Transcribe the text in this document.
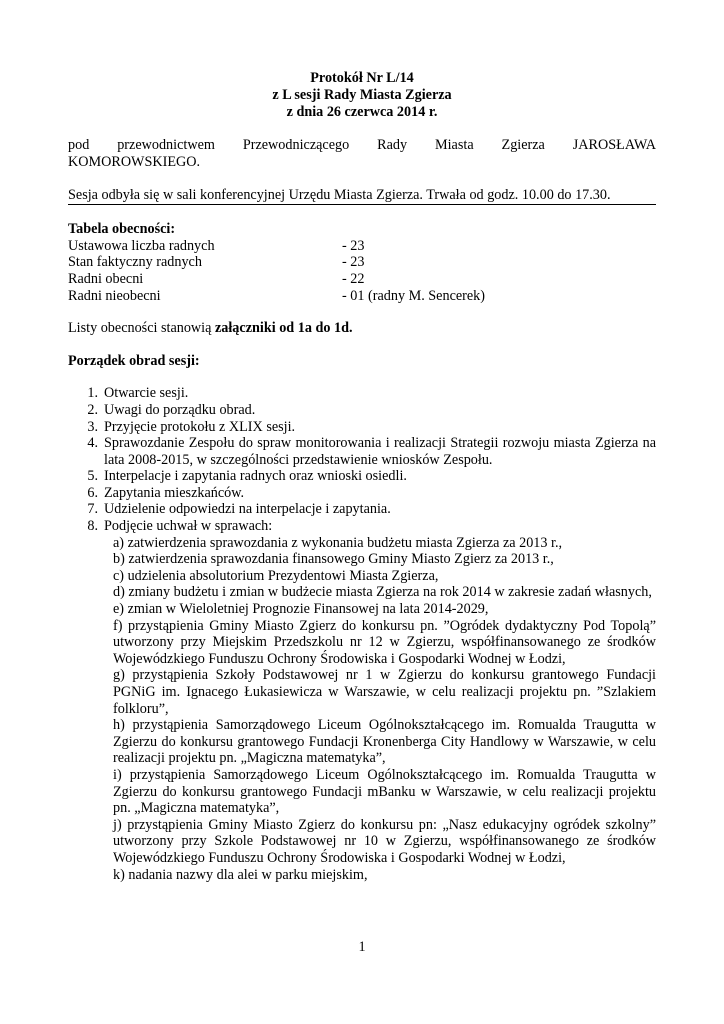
Protokół Nr L/14
z L sesji Rady Miasta Zgierza
z dnia 26 czerwca 2014 r.
pod przewodnictwem Przewodniczącego Rady Miasta Zgierza JAROSŁAWA
KOMOROWSKIEGO.
Sesja odbyła się w sali konferencyjnej Urzędu Miasta Zgierza. Trwała od godz. 10.00 do 17.30.
Tabela obecności:
Ustawowa liczba radnych	- 23
Stan faktyczny radnych	- 23
Radni obecni	- 22
Radni nieobecni	- 01 (radny M. Sencerek)
Listy obecności stanowią załączniki od 1a do 1d.
Porządek obrad sesji:
1. Otwarcie sesji.
2. Uwagi do porządku obrad.
3. Przyjęcie protokołu z XLIX sesji.
4. Sprawozdanie Zespołu do spraw monitorowania i realizacji Strategii rozwoju miasta Zgierza na lata 2008-2015, w szczególności przedstawienie wniosków Zespołu.
5. Interpelacje i zapytania radnych oraz wnioski osiedli.
6. Zapytania mieszkańców.
7. Udzielenie odpowiedzi na interpelacje i zapytania.
8. Podjęcie uchwał w sprawach:
a) zatwierdzenia sprawozdania z wykonania budżetu miasta Zgierza za 2013 r.,
b) zatwierdzenia sprawozdania finansowego Gminy Miasto Zgierz za 2013 r.,
c) udzielenia absolutorium Prezydentowi Miasta Zgierza,
d) zmiany budżetu i zmian w budżecie miasta Zgierza na rok 2014 w zakresie zadań własnych,
e) zmian w Wieloletniej Prognozie Finansowej na lata 2014-2029,
f) przystąpienia Gminy Miasto Zgierz do konkursu pn. ”Ogródek dydaktyczny Pod Topolą” utworzony przy Miejskim Przedszkolu nr 12 w Zgierzu, współfinansowanego ze środków Wojewódzkiego Funduszu Ochrony Środowiska i Gospodarki Wodnej w Łodzi,
g) przystąpienia Szkoły Podstawowej nr 1 w Zgierzu do konkursu grantowego Fundacji PGNiG im. Ignacego Łukasiewicza w Warszawie, w celu realizacji projektu pn. ”Szlakiem folkloru”,
h) przystąpienia Samorządowego Liceum Ogólnokształcącego im. Romualda Traugutta w Zgierzu do konkursu grantowego Fundacji Kronenberga City Handlowy w Warszawie, w celu realizacji projektu pn. „Magiczna matematyka”,
i) przystąpienia Samorządowego Liceum Ogólnokształcącego im. Romualda Traugutta w Zgierzu do konkursu grantowego Fundacji mBanku w Warszawie, w celu realizacji projektu pn. „Magiczna matematyka”,
j) przystąpienia Gminy Miasto Zgierz do konkursu pn: „Nasz edukacyjny ogródek szkolny” utworzony przy Szkole Podstawowej nr 10 w Zgierzu, współfinansowanego ze środków Wojewódzkiego Funduszu Ochrony Środowiska i Gospodarki Wodnej w Łodzi,
k) nadania nazwy dla alei w parku miejskim,
1
